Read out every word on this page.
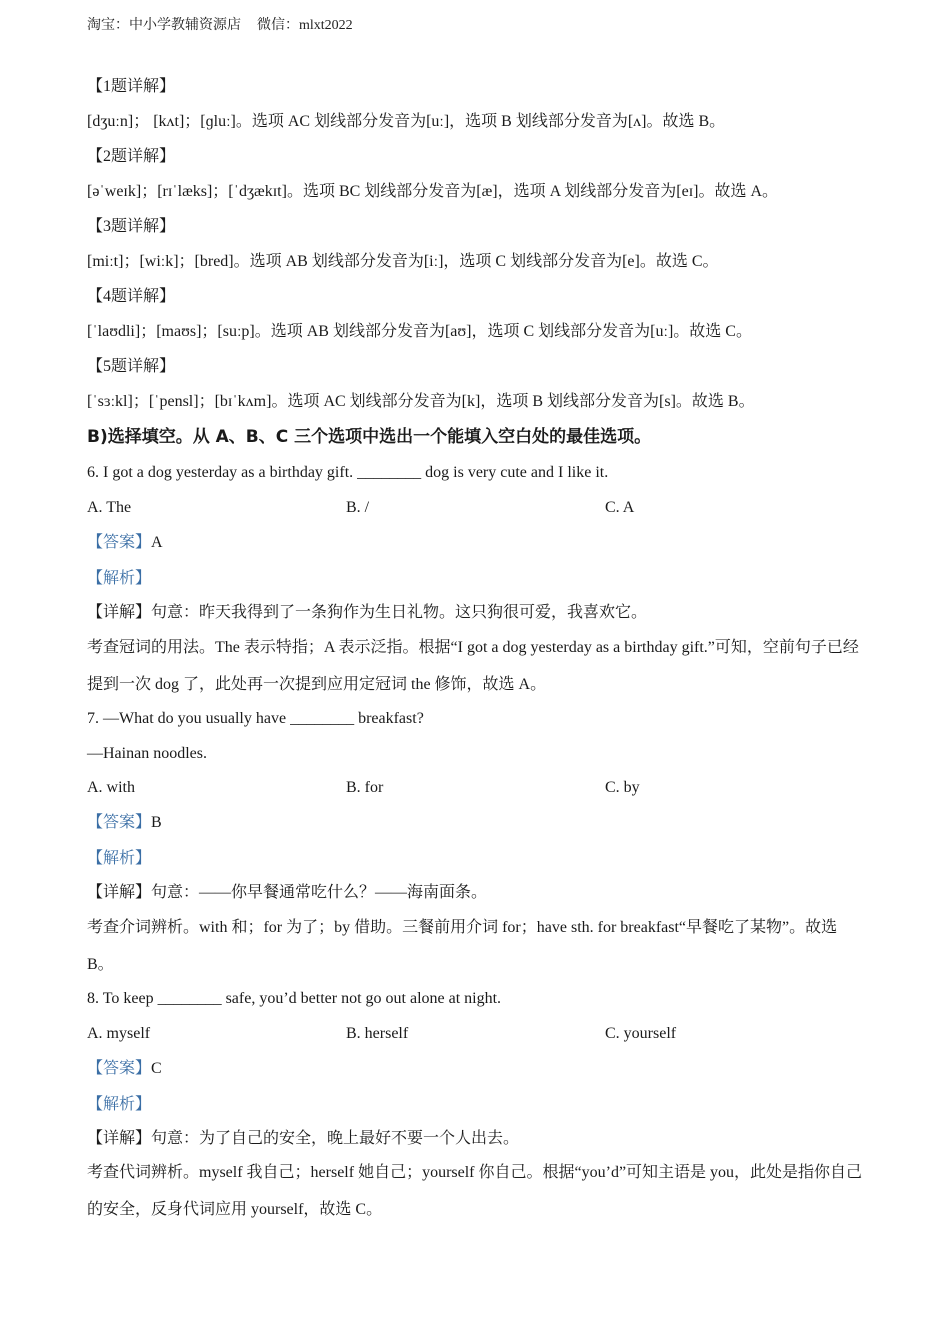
淘宝：中小学教辅资源店 微信：mlxt2022
【1题详解】
[dʒuːn]； [kʌt]；[ɡluː]。选项 AC 划线部分发音为[uː]，选项 B 划线部分发音为[ʌ]。故选 B。
【2题详解】
[əˈweɪk]；[rɪˈlæks]；[ˈdʒækɪt]。选项 BC 划线部分发音为[æ]，选项 A 划线部分发音为[eɪ]。故选 A。
【3题详解】
[miːt]；[wiːk]；[bred]。选项 AB 划线部分发音为[iː]，选项 C 划线部分发音为[e]。故选 C。
【4题详解】
[ˈlaʊdli]；[maʊs]；[suːp]。选项 AB 划线部分发音为[aʊ]，选项 C 划线部分发音为[uː]。故选 C。
【5题详解】
[ˈsɜːkl]；[ˈpensl]；[bɪˈkʌm]。选项 AC 划线部分发音为[k]，选项 B 划线部分发音为[s]。故选 B。
B)选择填空。从 A、B、C 三个选项中选出一个能填入空白处的最佳选项。
6. I got a dog yesterday as a birthday gift. ________ dog is very cute and I like it.
A. The	B. /	C. A
【答案】A
【解析】
【详解】句意：昨天我得到了一条狗作为生日礼物。这只狗很可爱，我喜欢它。
考查冠词的用法。The 表示特指；A 表示泛指。根据“I got a dog yesterday as a birthday gift.”可知，空前句子已经提到一次 dog 了，此处再一次提到应用定冠词 the 修饰，故选 A。
7. —What do you usually have ________ breakfast?
—Hainan noodles.
A. with	B. for	C. by
【答案】B
【解析】
【详解】句意：——你早餐通常吃什么？——海南面条。
考查介词辨析。with 和；for 为了；by 借助。三餐前用介词 for；have sth. for breakfast“早餐吃了某物”。故选 B。
8. To keep ________ safe, you’d better not go out alone at night.
A. myself	B. herself	C. yourself
【答案】C
【解析】
【详解】句意：为了自己的安全，晚上最好不要一个人出去。
考查代词辨析。myself 我自己；herself 她自己；yourself 你自己。根据“you’d”可知主语是 you，此处是指你自己的安全，反身代词应用 yourself，故选 C。
